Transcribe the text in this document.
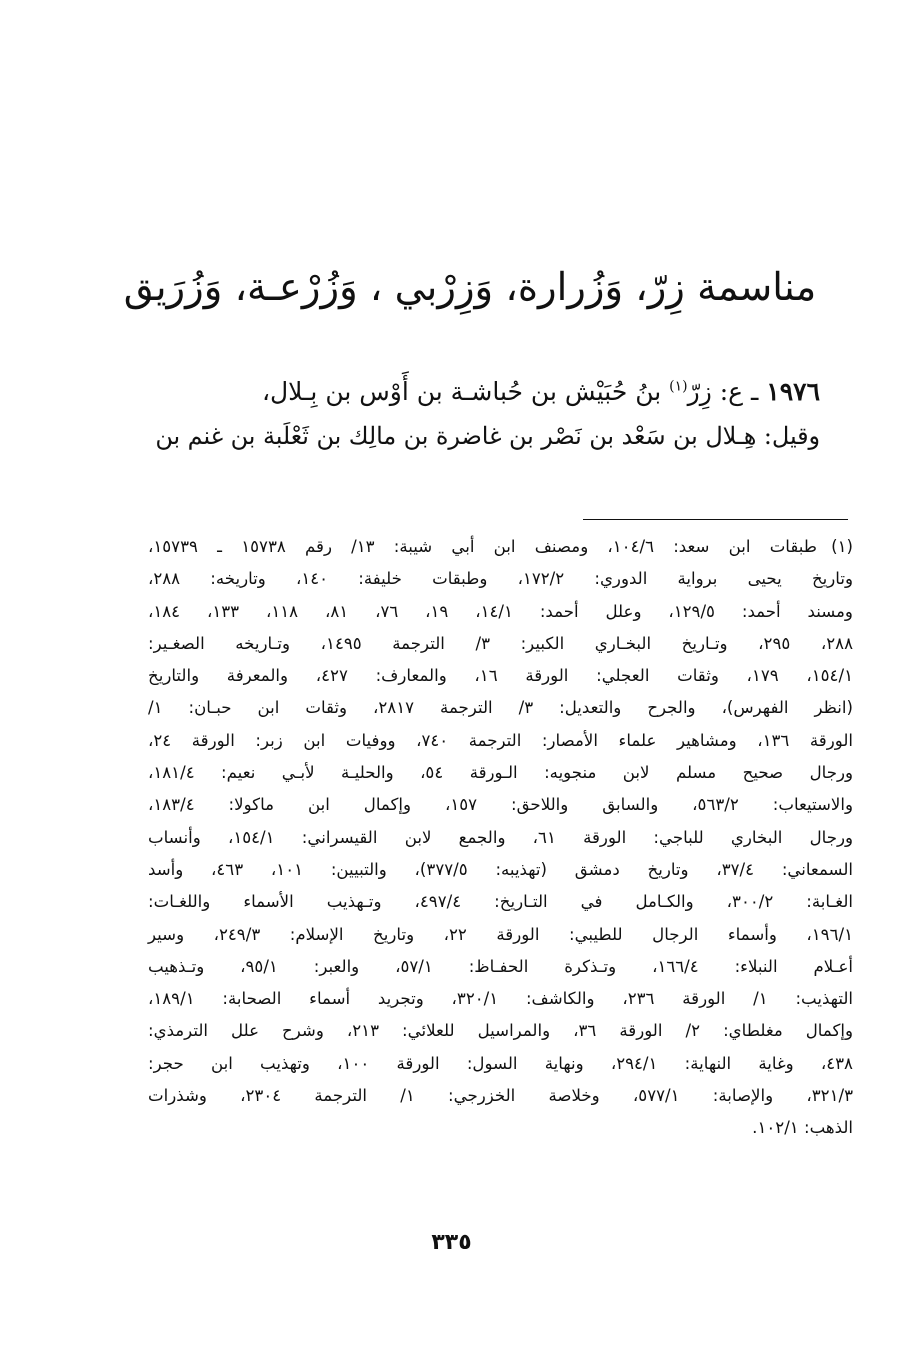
مناسمة زِرّ، وَزُرارة، وَزِرْبي ، وَزُرْعـة، وَزُرَيق
١٩٧٦ ـ ع: زِرّ$^{(١)}$ بنُ حُبَيْش بن حُباشـة بن أَوْس بن بِـلال،
وقيل: هِـلال بن سَعْد بن نَصْر بن غاضرة بن مالِك بن ثَعْلَبة بن غنم بن
(١)طبقات ابن سعد: ١٠٤/٦، ومصنف ابن أبي شيبة: ١٣/ رقم ١٥٧٣٨ ـ ١٥٧٣٩،
وتاريخ يحيى برواية الدوري: ١٧٢/٢، وطبقات خليفة: ١٤٠، وتاريخه: ٢٨٨،
ومسند أحمد: ١٢٩/٥، وعلل أحمد: ١٤/١، ١٩، ٧٦، ٨١، ١١٨، ١٣٣، ١٨٤،
٢٨٨، ٢٩٥، وتـاريخ البخـاري الكبير: ٣/ الترجمة ١٤٩٥، وتـاريخه الصغـير:
١٥٤/١، ١٧٩، وثقات العجلي: الورقة ١٦، والمعارف: ٤٢٧، والمعرفة والتاريخ
(انظر الفهرس)، والجرح والتعديل: ٣/ الترجمة ٢٨١٧، وثقات ابن حبـان: ١/
الورقة ١٣٦، ومشاهير علماء الأمصار: الترجمة ٧٤٠، ووفيات ابن زبر: الورقة ٢٤،
ورجال صحيح مسلم لابن منجويه: الـورقة ٥٤، والحليـة لأبـي نعيم: ١٨١/٤،
والاستيعاب: ٥٦٣/٢، والسابق واللاحق: ١٥٧، وإكمال ابن ماكولا: ١٨٣/٤،
ورجال البخاري للباجي: الورقة ٦١، والجمع لابن القيسراني: ١٥٤/١، وأنساب
السمعاني: ٣٧/٤، وتاريخ دمشق (تهذيبه: ٣٧٧/٥)، والتبيين: ١٠١، ٤٦٣، وأسد
الغـابة: ٣٠٠/٢، والكـامل في التـاريخ: ٤٩٧/٤، وتـهذيب الأسماء واللغـات:
١٩٦/١، وأسماء الرجال للطيبي: الورقة ٢٢، وتاريخ الإسلام: ٢٤٩/٣، وسير
أعـلام النبلاء: ١٦٦/٤، وتـذكرة الحفـاظ: ٥٧/١، والعبر: ٩٥/١، وتـذهيب
التهذيب: ١/ الورقة ٢٣٦، والكاشف: ٣٢٠/١، وتجريد أسماء الصحابة: ١٨٩/١،
وإكمال مغلطاي: ٢/ الورقة ٣٦، والمراسيل للعلائي: ٢١٣، وشرح علل الترمذي:
٤٣٨، وغاية النهاية: ٢٩٤/١، ونهاية السول: الورقة ١٠٠، وتهذيب ابن حجر:
٣٢١/٣، والإصابة: ٥٧٧/١، وخلاصة الخزرجي: ١/ الترجمة ٢٣٠٤، وشذرات
الذهب: ١٠٢/١.
٣٣٥
